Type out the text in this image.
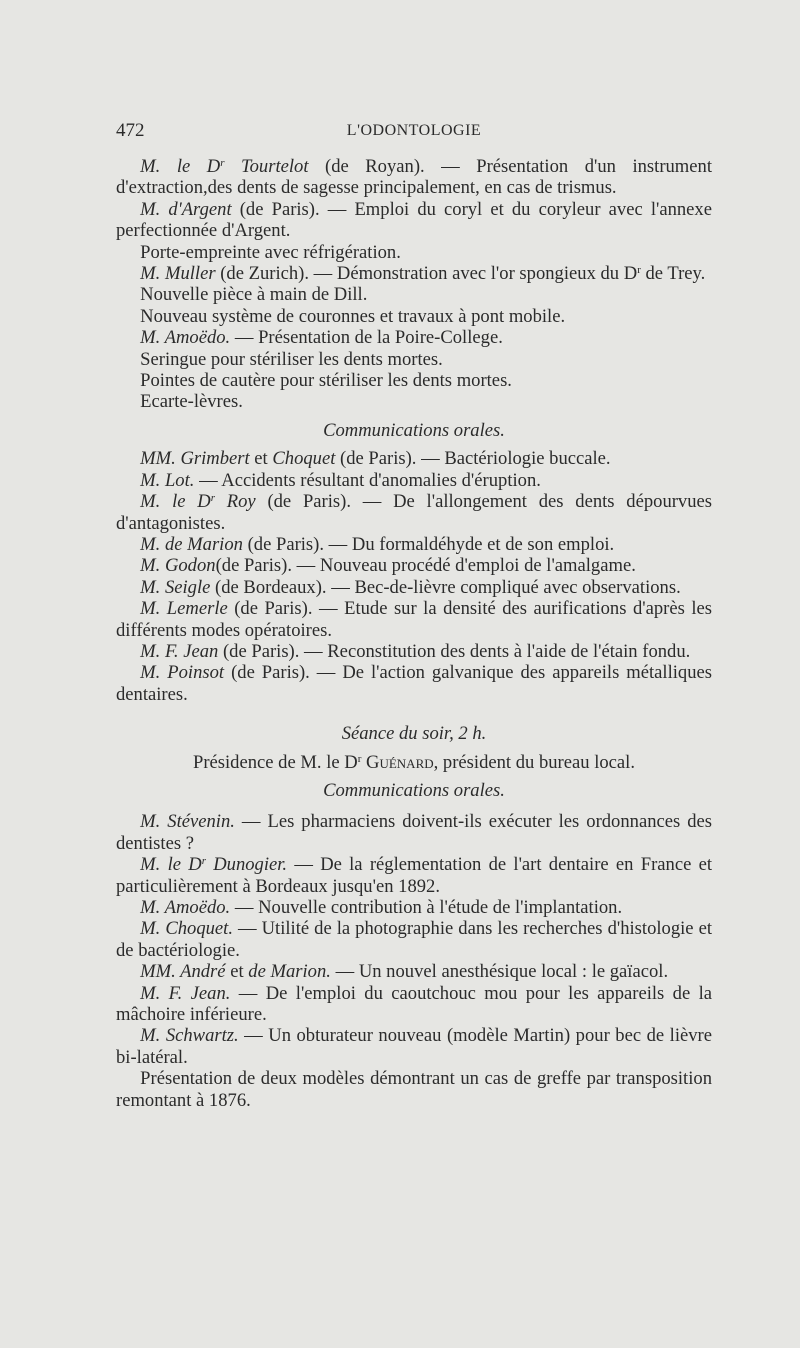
472	L'ODONTOLOGIE

M. le $D^r$ Tourtelot (de Royan). — Présentation d'un instrument d'extraction,des dents de sagesse principalement, en cas de trismus.

M. d'Argent (de Paris). — Emploi du coryl et du coryleur avec l'annexe perfectionnée d'Argent.

Porte-empreinte avec réfrigération.

M. Muller (de Zurich). — Démonstration avec l'or spongieux du $D^r$ de Trey.

Nouvelle pièce à main de Dill.

Nouveau système de couronnes et travaux à pont mobile.

M. Amoëdo. — Présentation de la Poire-College.

Seringue pour stériliser les dents mortes.

Pointes de cautère pour stériliser les dents mortes.

Ecarte-lèvres.

Communications orales.

MM. Grimbert et Choquet (de Paris). — Bactériologie buccale.

M. Lot. — Accidents résultant d'anomalies d'éruption.

M. le $D^r$ Roy (de Paris). — De l'allongement des dents dépourvues d'antagonistes.

M. de Marion (de Paris). — Du formaldéhyde et de son emploi.

M. Godon(de Paris). — Nouveau procédé d'emploi de l'amalgame.

M. Seigle (de Bordeaux). — Bec-de-lièvre compliqué avec observations.

M. Lemerle (de Paris). — Etude sur la densité des aurifications d'après les différents modes opératoires.

M. F. Jean (de Paris). — Reconstitution des dents à l'aide de l'étain fondu.

M. Poinsot (de Paris). — De l'action galvanique des appareils métalliques dentaires.

Séance du soir, 2 h.

Présidence de M. le $D^r$ Guénard, président du bureau local.

Communications orales.

M. Stévenin. — Les pharmaciens doivent-ils exécuter les ordonnances des dentistes ?

M. le $D^r$ Dunogier. — De la réglementation de l'art dentaire en France et particulièrement à Bordeaux jusqu'en 1892.

M. Amoëdo. — Nouvelle contribution à l'étude de l'implantation.

M. Choquet. — Utilité de la photographie dans les recherches d'histologie et de bactériologie.

MM. André et de Marion. — Un nouvel anesthésique local : le gaïacol.

M. F. Jean. — De l'emploi du caoutchouc mou pour les appareils de la mâchoire inférieure.

M. Schwartz. — Un obturateur nouveau (modèle Martin) pour bec de lièvre bi-latéral.

Présentation de deux modèles démontrant un cas de greffe par transposition remontant à 1876.
